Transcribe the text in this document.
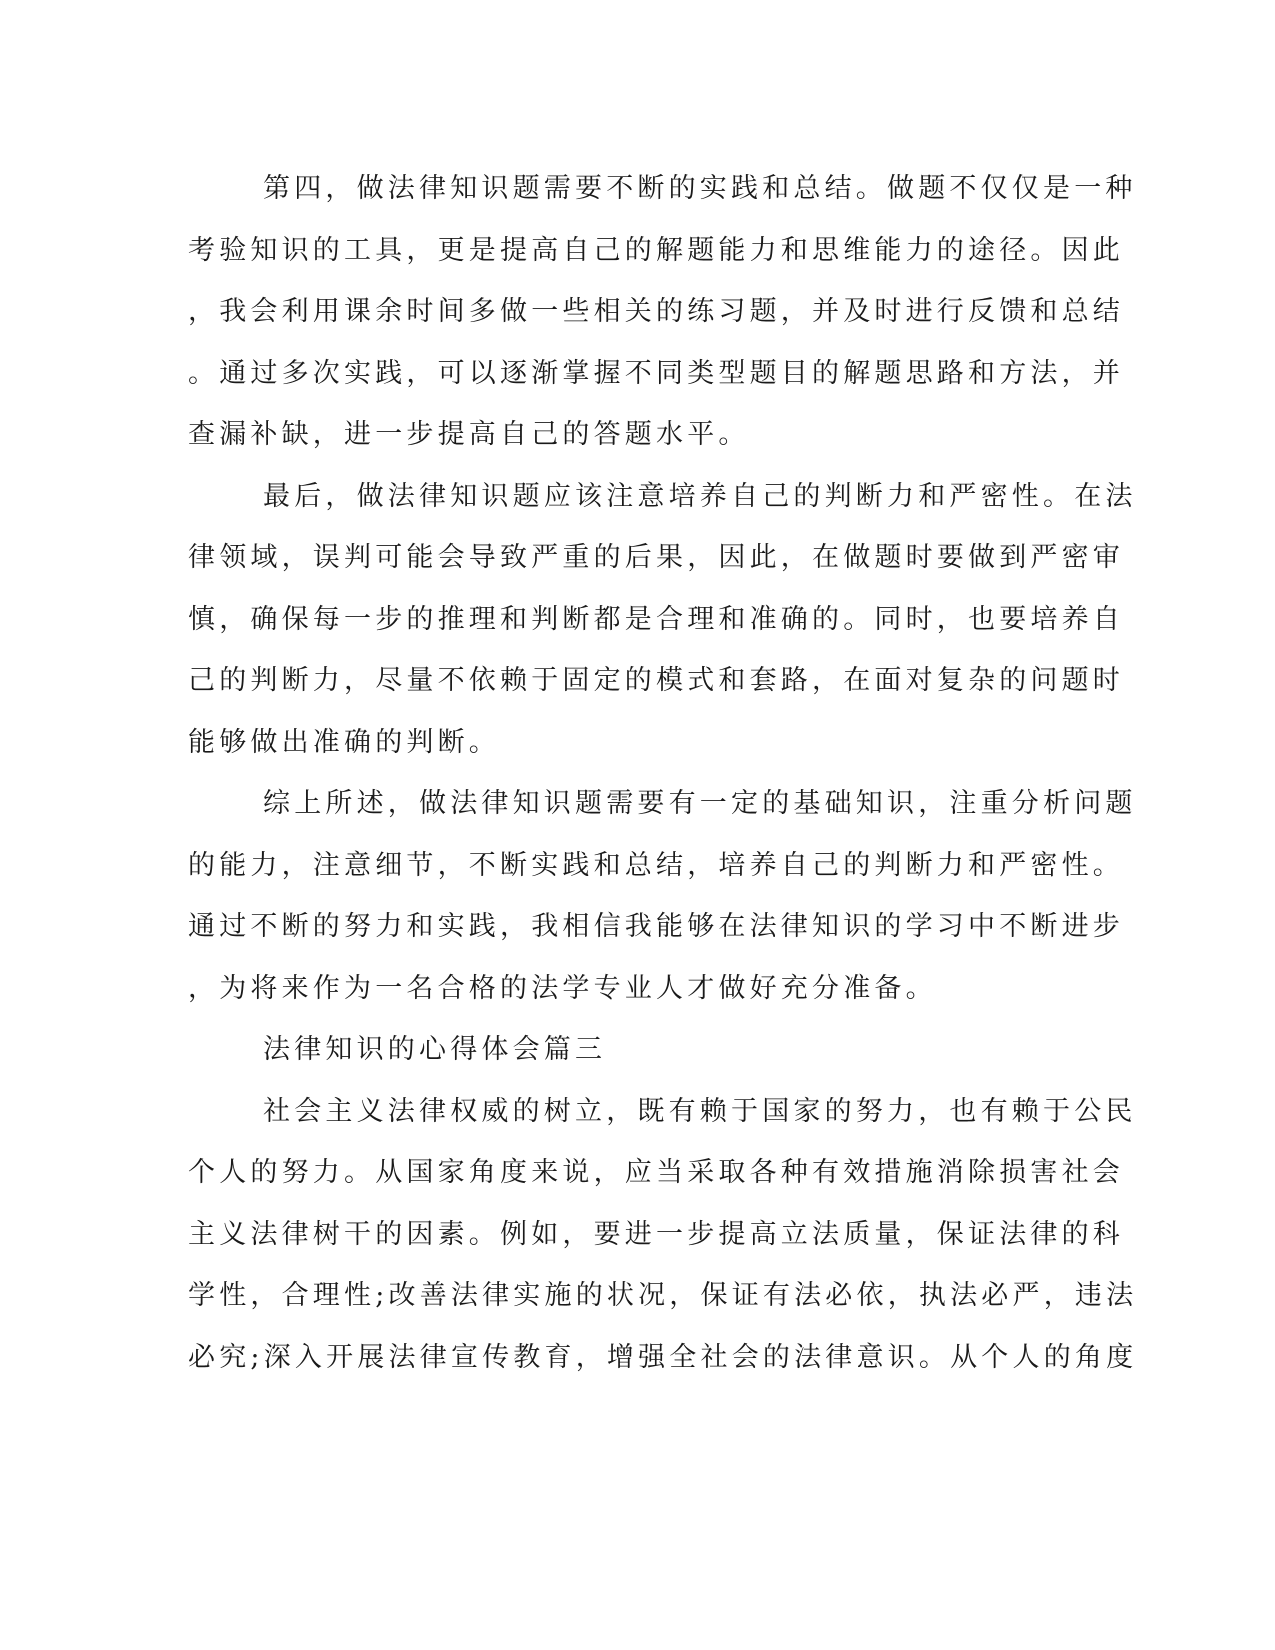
第四，做法律知识题需要不断的实践和总结。做题不仅仅是一种
考验知识的工具，更是提高自己的解题能力和思维能力的途径。因此
，我会利用课余时间多做一些相关的练习题，并及时进行反馈和总结
。通过多次实践，可以逐渐掌握不同类型题目的解题思路和方法，并
查漏补缺，进一步提高自己的答题水平。
最后，做法律知识题应该注意培养自己的判断力和严密性。在法
律领域，误判可能会导致严重的后果，因此，在做题时要做到严密审
慎，确保每一步的推理和判断都是合理和准确的。同时，也要培养自
己的判断力，尽量不依赖于固定的模式和套路，在面对复杂的问题时
能够做出准确的判断。
综上所述，做法律知识题需要有一定的基础知识，注重分析问题
的能力，注意细节，不断实践和总结，培养自己的判断力和严密性。
通过不断的努力和实践，我相信我能够在法律知识的学习中不断进步
，为将来作为一名合格的法学专业人才做好充分准备。
法律知识的心得体会篇三
社会主义法律权威的树立，既有赖于国家的努力，也有赖于公民
个人的努力。从国家角度来说，应当采取各种有效措施消除损害社会
主义法律树干的因素。例如，要进一步提高立法质量，保证法律的科
学性，合理性;改善法律实施的状况，保证有法必依，执法必严，违法
必究;深入开展法律宣传教育，增强全社会的法律意识。从个人的角度
